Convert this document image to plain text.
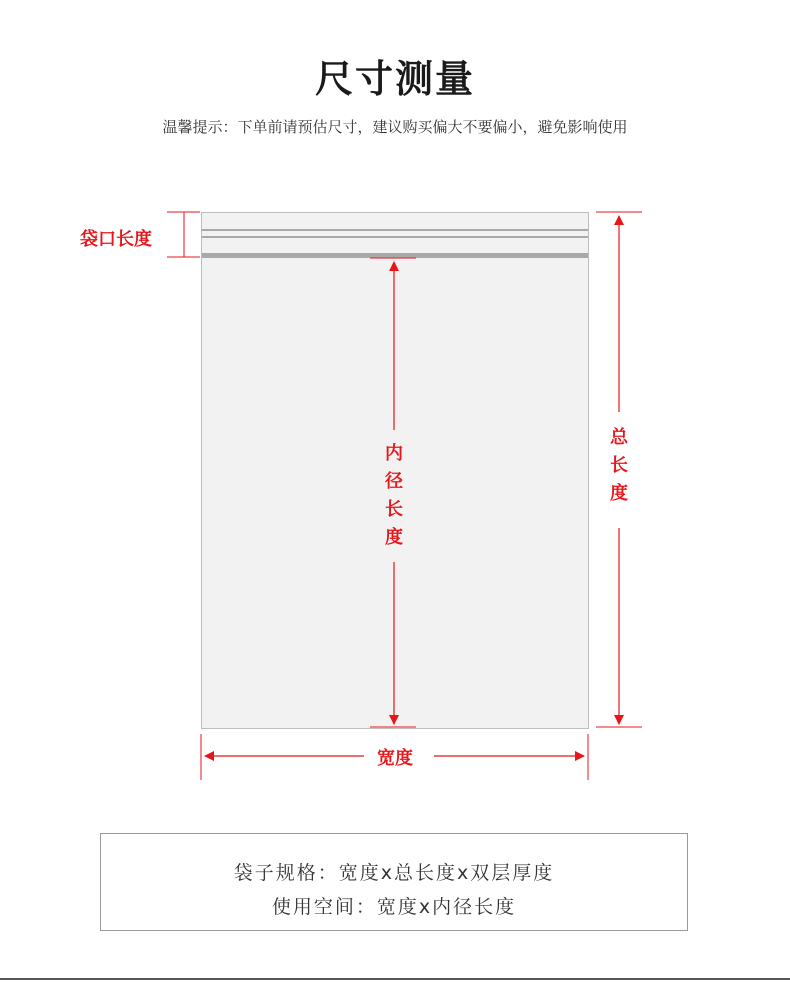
尺寸测量
温馨提示：下单前请预估尺寸，建议购买偏大不要偏小，避免影响使用
袋口长度
内径长度
总长度
宽度
袋子规格：宽度x总长度x双层厚度
使用空间：宽度x内径长度
